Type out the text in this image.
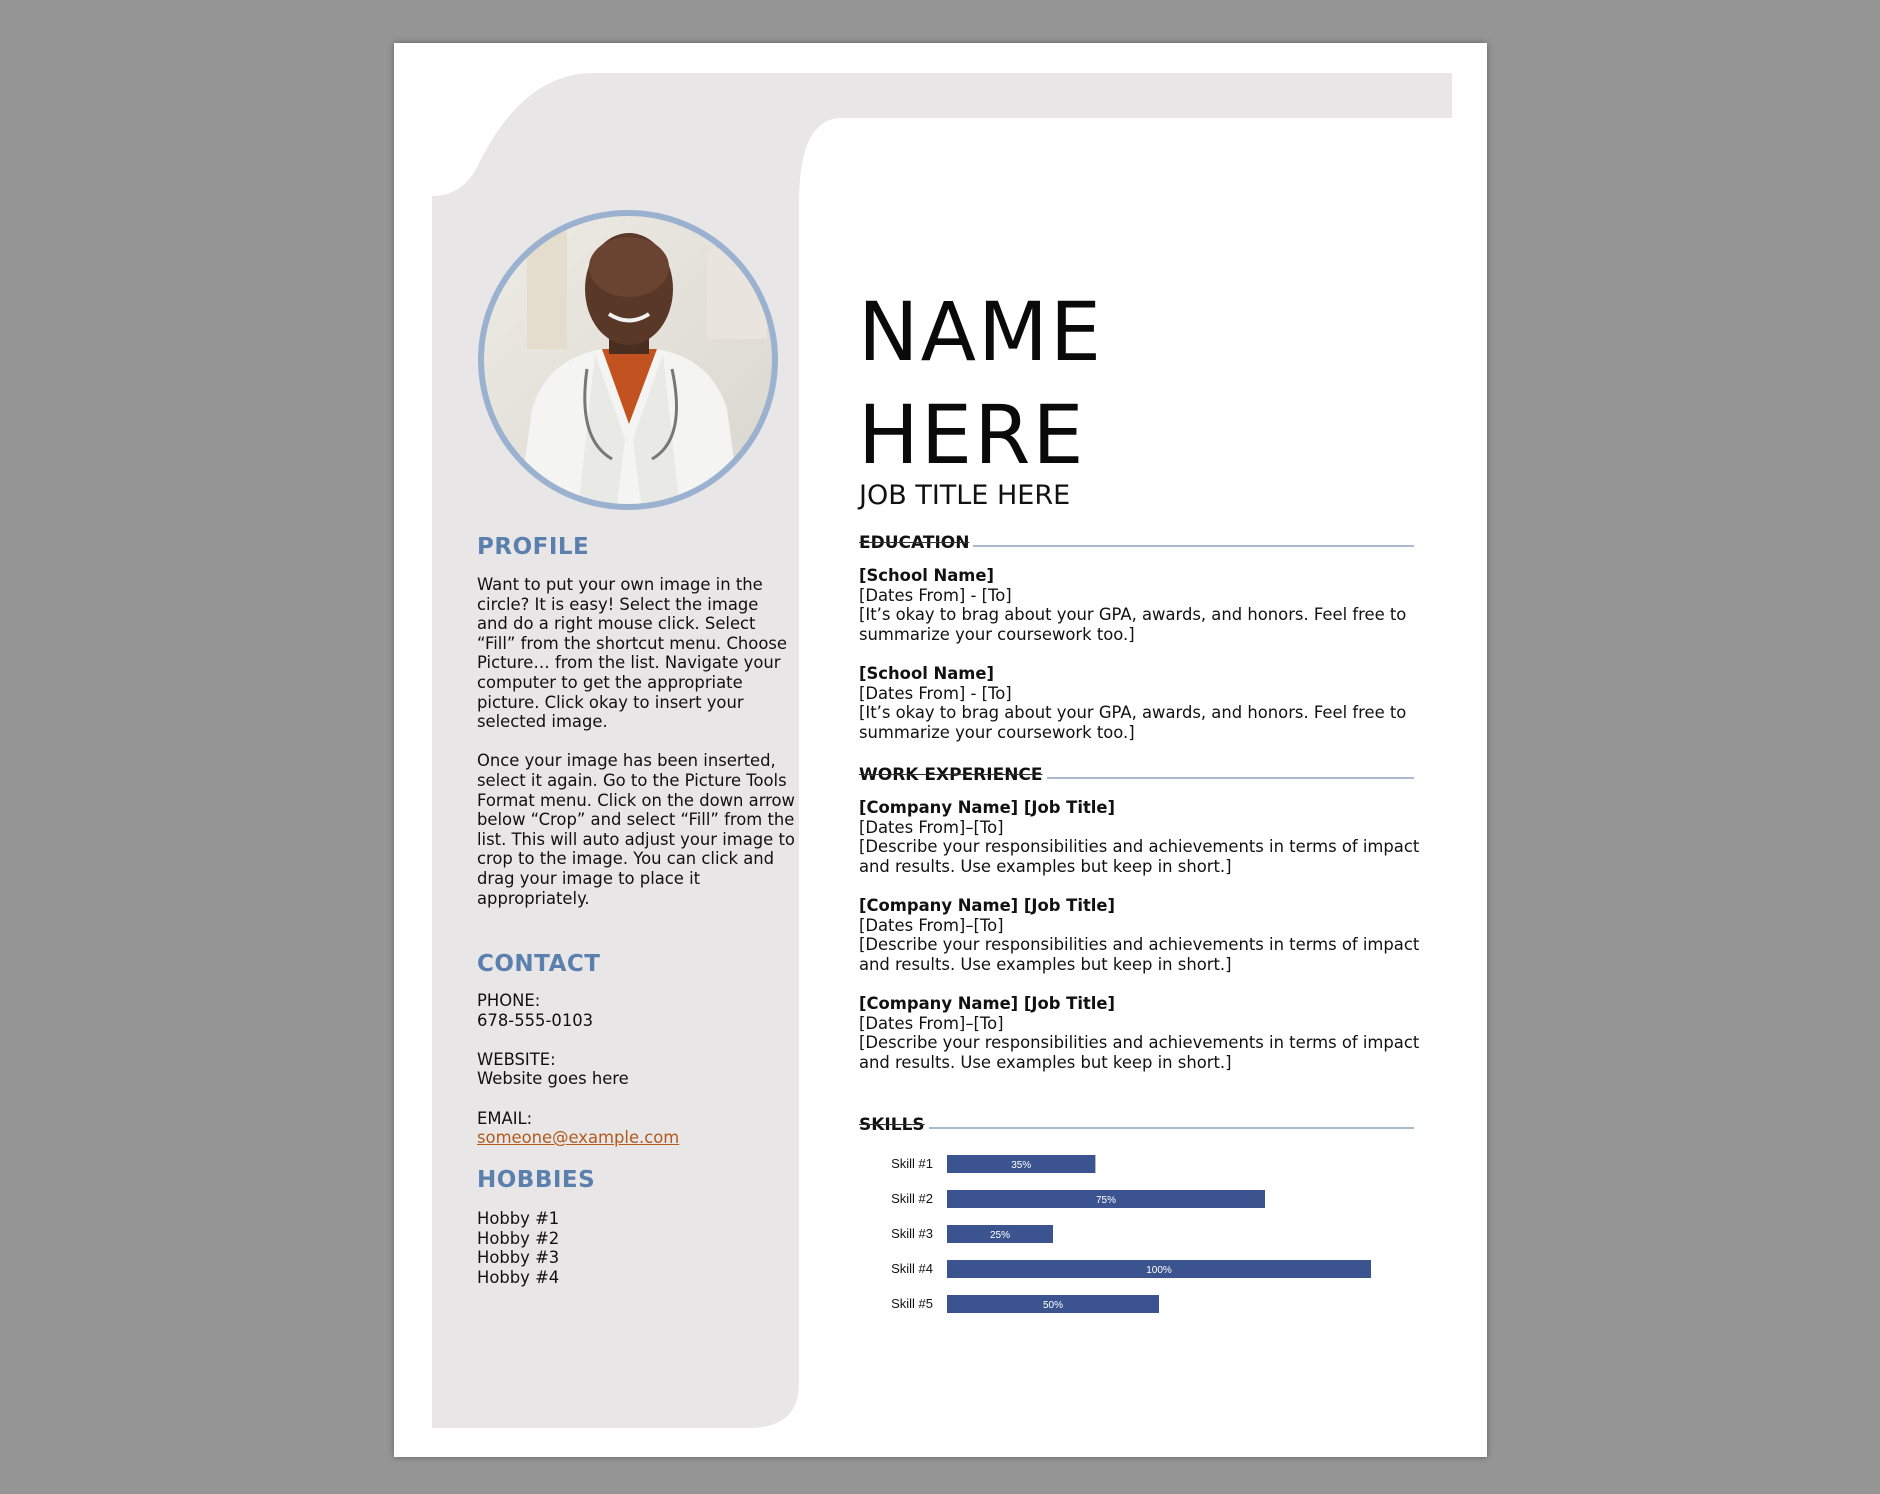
PROFILE

Want to put your own image in the
circle? It is easy! Select the image
and do a right mouse click. Select
“Fill” from the shortcut menu. Choose
Picture… from the list. Navigate your
computer to get the appropriate
picture. Click okay to insert your
selected image.

Once your image has been inserted,
select it again. Go to the Picture Tools
Format menu. Click on the down arrow
below “Crop” and select “Fill” from the
list. This will auto adjust your image to
crop to the image. You can click and
drag your image to place it
appropriately.

CONTACT
PHONE:
678-555-0103
WEBSITE:
Website goes here
EMAIL:
someone@example.com
HOBBIES
Hobby #1
Hobby #2
Hobby #3
Hobby #4
NAME
HERE
JOB TITLE HERE
EDUCATION
[School Name]
[Dates From] - [To]
[It’s okay to brag about your GPA, awards, and honors. Feel free to
summarize your coursework too.]
[School Name]
[Dates From] - [To]
[It’s okay to brag about your GPA, awards, and honors. Feel free to
summarize your coursework too.]
WORK EXPERIENCE
[Company Name] [Job Title]
[Dates From]–[To]
[Describe your responsibilities and achievements in terms of impact
and results. Use examples but keep in short.]
[Company Name] [Job Title]
[Dates From]–[To]
[Describe your responsibilities and achievements in terms of impact
and results. Use examples but keep in short.]
[Company Name] [Job Title]
[Dates From]–[To]
[Describe your responsibilities and achievements in terms of impact
and results. Use examples but keep in short.]
SKILLS
Skill #1	35%
Skill #2	75%
Skill #3	25%
Skill #4	100%
Skill #5	50%
